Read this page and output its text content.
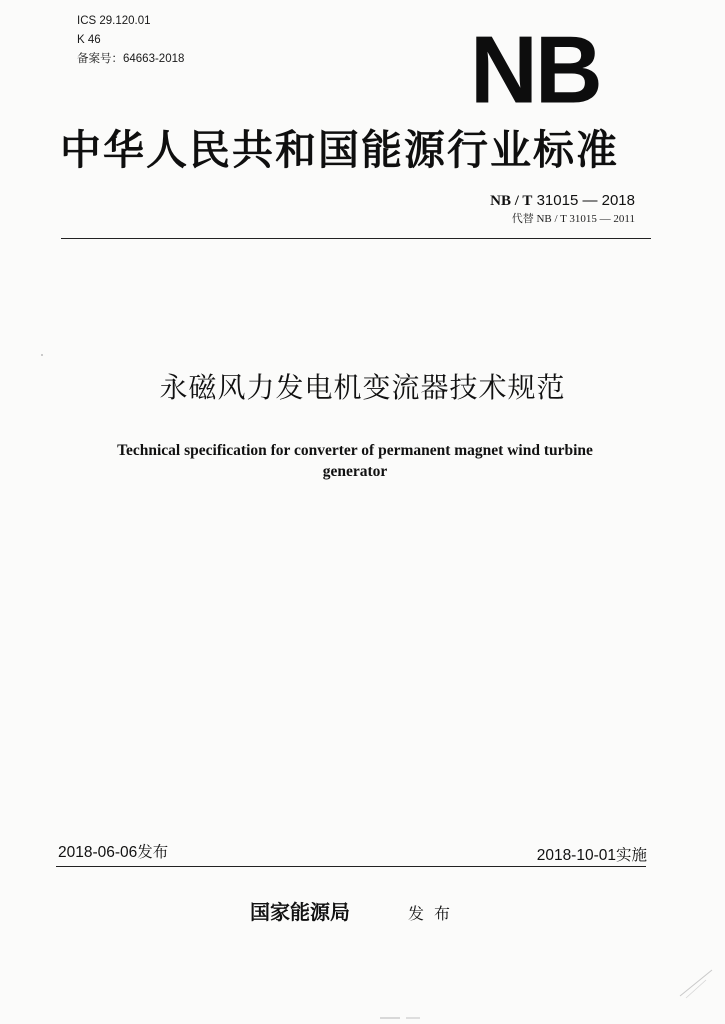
ICS 29.120.01
K 46
备案号：64663-2018	NB
中华人民共和国能源行业标准
NB / T 31015 — 2018
代替 NB / T 31015 — 2011
永磁风力发电机变流器技术规范
Technical specification for converter of permanent magnet wind turbine generator
2018-06-06发布	2018-10-01实施
国家能源局	发布
